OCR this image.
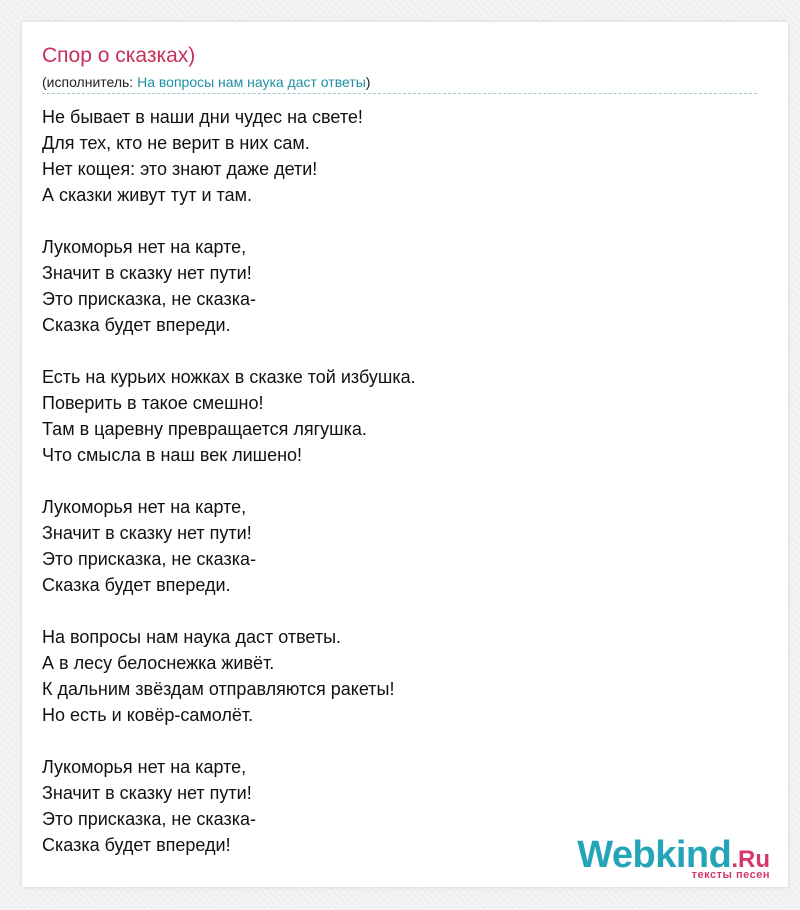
Спор о сказках)
(исполнитель: На вопросы нам наука даст ответы)
Не бывает в наши дни чудес на свете!
Для тех, кто не верит в них сам.
Нет кощея: это знают даже дети!
А сказки живут тут и там.
Лукоморья нет на карте,
Значит в сказку нет пути!
Это присказка, не сказка-
Сказка будет впереди.
Есть на курьих ножках в сказке той избушка.
Поверить в такое смешно!
Там в царевну превращается лягушка.
Что смысла в наш век лишено!
Лукоморья нет на карте,
Значит в сказку нет пути!
Это присказка, не сказка-
Сказка будет впереди.
На вопросы нам наука даст ответы.
А в лесу белоснежка живёт.
К дальним звёздам отправляются ракеты!
Но есть и ковёр-самолёт.
Лукоморья нет на карте,
Значит в сказку нет пути!
Это присказка, не сказка-
Сказка будет впереди!	Webkind.Ru
тексты песен
